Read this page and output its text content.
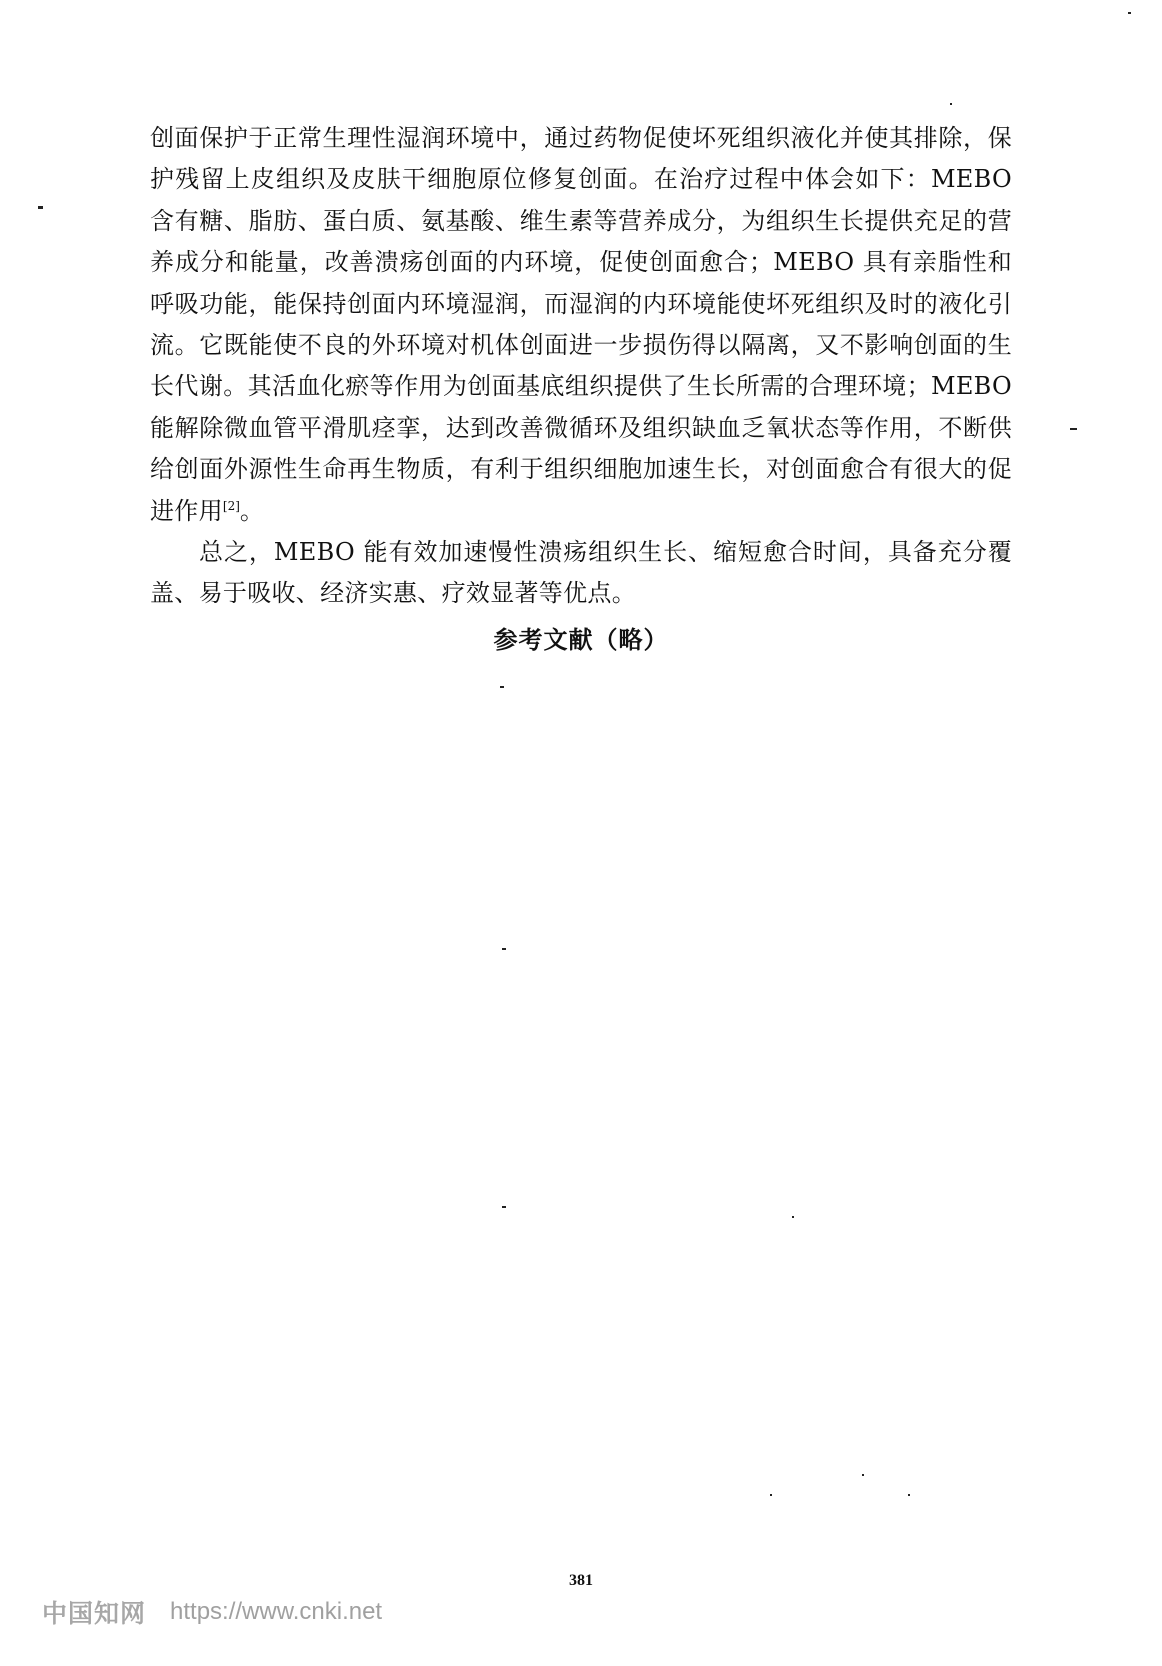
创面保护于正常生理性湿润环境中，通过药物促使坏死组织液化并使其排除，保护残留上皮组织及皮肤干细胞原位修复创面。在治疗过程中体会如下：MEBO 含有糖、脂肪、蛋白质、氨基酸、维生素等营养成分，为组织生长提供充足的营养成分和能量，改善溃疡创面的内环境，促使创面愈合；MEBO 具有亲脂性和呼吸功能，能保持创面内环境湿润，而湿润的内环境能使坏死组织及时的液化引流。它既能使不良的外环境对机体创面进一步损伤得以隔离，又不影响创面的生长代谢。其活血化瘀等作用为创面基底组织提供了生长所需的合理环境；MEBO 能解除微血管平滑肌痉挛，达到改善微循环及组织缺血乏氧状态等作用，不断供给创面外源性生命再生物质，有利于组织细胞加速生长，对创面愈合有很大的促进作用[2]。

总之，MEBO 能有效加速慢性溃疡组织生长、缩短愈合时间，具备充分覆盖、易于吸收、经济实惠、疗效显著等优点。

参考文献（略）
381
中国知网 https://www.cnki.net
